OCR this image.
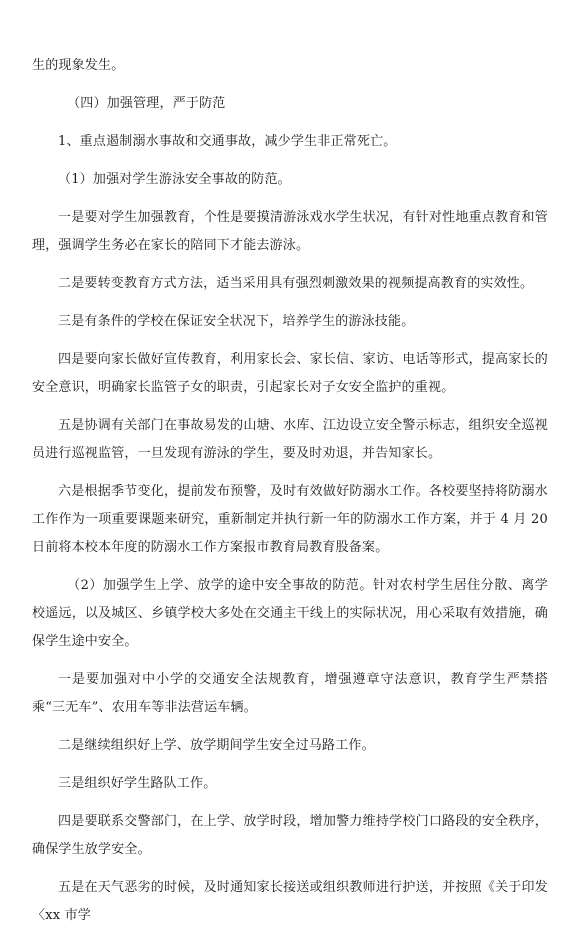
生的现象发生。

（四）加强管理，严于防范

1、重点遏制溺水事故和交通事故，减少学生非正常死亡。

（1）加强对学生游泳安全事故的防范。

一是要对学生加强教育，个性是要摸清游泳戏水学生状况，有针对性地重点教育和管理，强调学生务必在家长的陪同下才能去游泳。

二是要转变教育方式方法，适当采用具有强烈刺激效果的视频提高教育的实效性。

三是有条件的学校在保证安全状况下，培养学生的游泳技能。

四是要向家长做好宣传教育，利用家长会、家长信、家访、电话等形式，提高家长的安全意识，明确家长监管子女的职责，引起家长对子女安全监护的重视。

五是协调有关部门在事故易发的山塘、水库、江边设立安全警示标志，组织安全巡视员进行巡视监管，一旦发现有游泳的学生，要及时劝退，并告知家长。

六是根据季节变化，提前发布预警，及时有效做好防溺水工作。各校要坚持将防溺水工作作为一项重要课题来研究，重新制定并执行新一年的防溺水工作方案，并于 4 月 20 日前将本校本年度的防溺水工作方案报市教育局教育股备案。

（2）加强学生上学、放学的途中安全事故的防范。针对农村学生居住分散、离学校遥远，以及城区、乡镇学校大多处在交通主干线上的实际状况，用心采取有效措施，确保学生途中安全。

一是要加强对中小学的交通安全法规教育，增强遵章守法意识，教育学生严禁搭乘“三无车”、农用车等非法营运车辆。

二是继续组织好上学、放学期间学生安全过马路工作。

三是组织好学生路队工作。

四是要联系交警部门，在上学、放学时段，增加警力维持学校门口路段的安全秩序，确保学生放学安全。

五是在天气恶劣的时候，及时通知家长接送或组织教师进行护送，并按照《关于印发〈xx 市学
